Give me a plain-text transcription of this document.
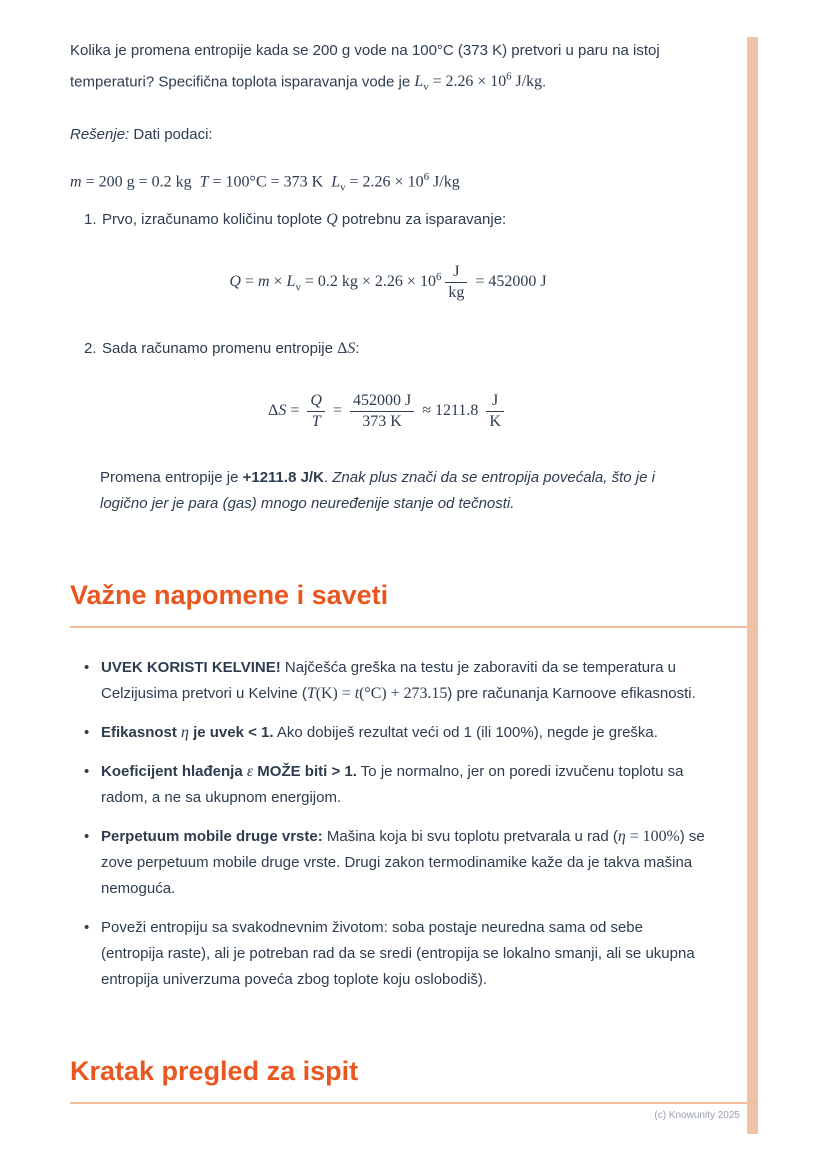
Kolika je promena entropije kada se 200 g vode na 100°C (373 K) pretvori u paru na istoj temperaturi? Specifična toplota isparavanja vode je $L_v = 2.26 \times 10^6$ J/kg.

Rešenje: Dati podaci:

m = 200 g = 0.2 kg  T = 100°C = 373 K  $L_v = 2.26 \times 10^6$ J/kg

1. Prvo, izračunamo količinu toplote Q potrebnu za isparavanje:
$Q = m \times L_v = 0.2$ kg × $2.26 \times 10^6 \frac{J}{kg} = 452000$ J
2. Sada računamo promenu entropije ΔS:
$\Delta S = \frac{Q}{T} = \frac{452000 J}{373 K} \approx 1211.8 \frac{J}{K}$

Promena entropije je +1211.8 J/K. Znak plus znači da se entropija povećala, što je i logično jer je para (gas) mnogo neuređenije stanje od tečnosti.

Važne napomene i saveti
• UVEK KORISTI KELVINE! Najčešća greška na testu je zaboraviti da se temperatura u Celzijusima pretvori u Kelvine (T(K) = t(°C) + 273.15) pre računanja Karnoove efikasnosti.
• Efikasnost η je uvek < 1. Ako dobiješ rezultat veći od 1 (ili 100%), negde je greška.
• Koeficijent hlađenja ε MOŽE biti > 1. To je normalno, jer on poredi izvučenu toplotu sa radom, a ne sa ukupnom energijom.
• Perpetuum mobile druge vrste: Mašina koja bi svu toplotu pretvarala u rad (η = 100%) se zove perpetuum mobile druge vrste. Drugi zakon termodinamike kaže da je takva mašina nemoguća.
• Poveži entropiju sa svakodnevnim životom: soba postaje neuredna sama od sebe (entropija raste), ali je potreban rad da se sredi (entropija se lokalno smanji, ali se ukupna entropija univerzuma poveća zbog toplote koju oslobodiš).
Kratak pregled za ispit
(c) Knowunity 2025
